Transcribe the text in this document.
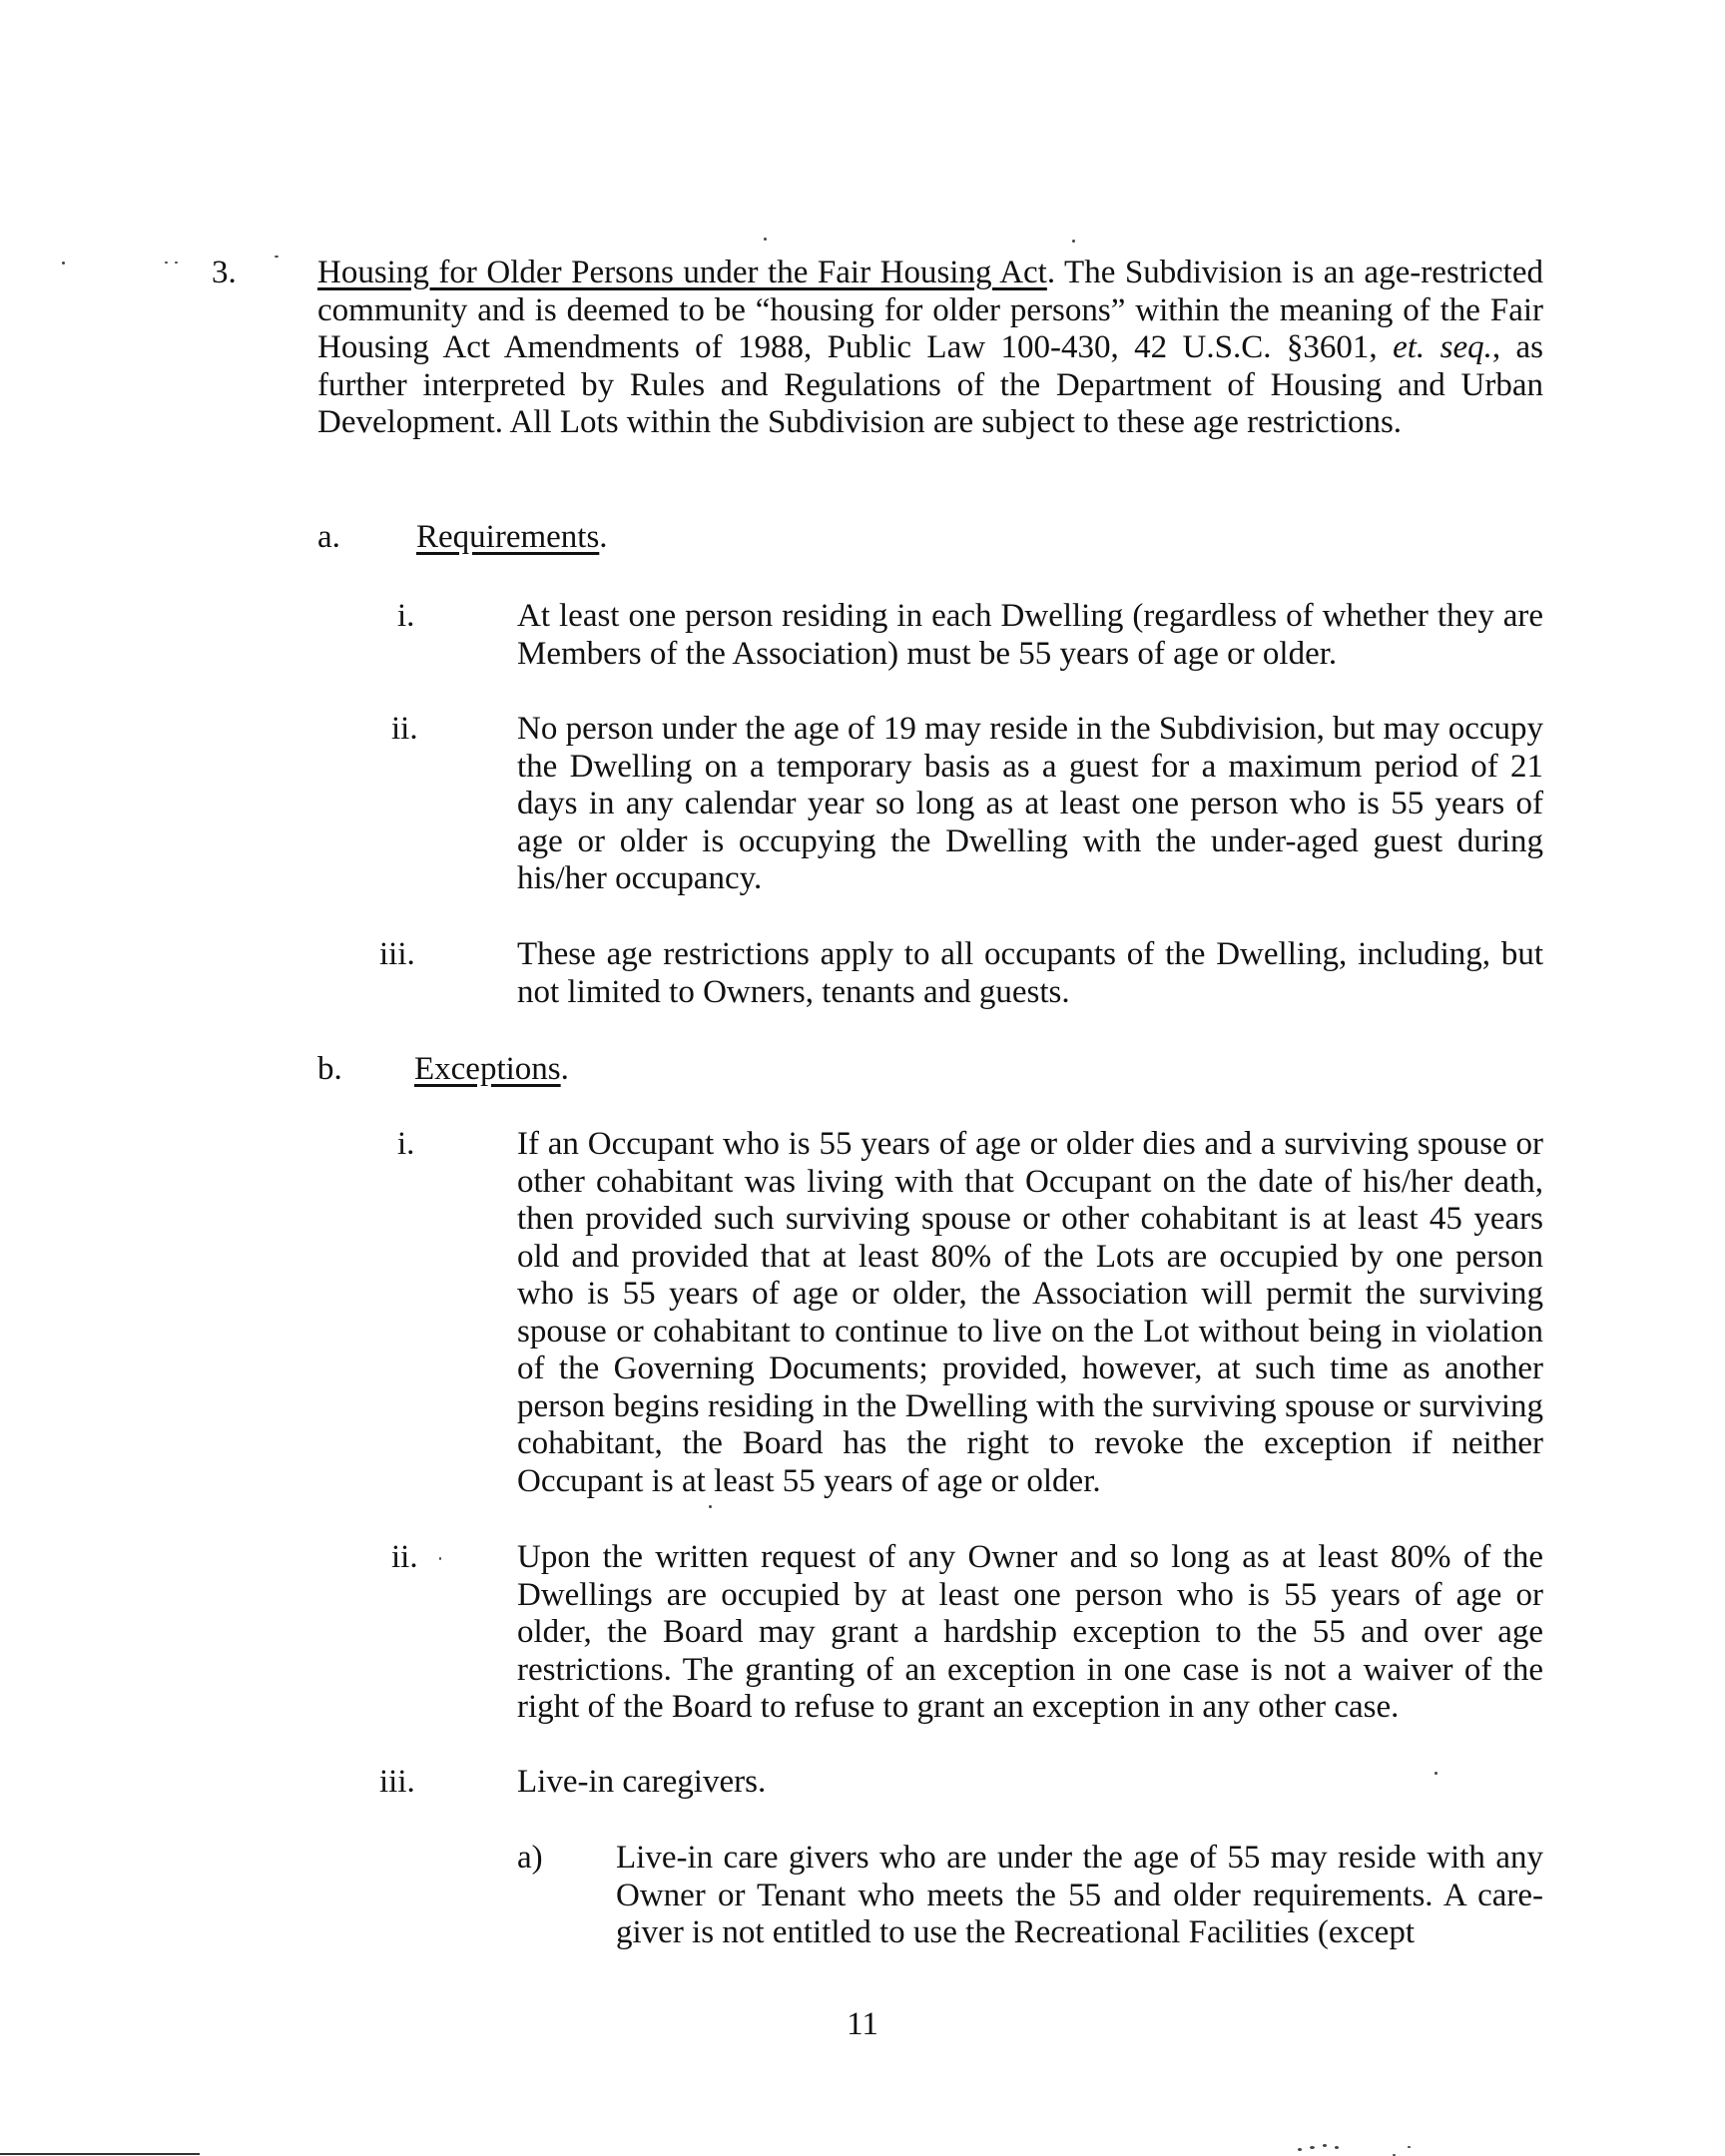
3. Housing for Older Persons under the Fair Housing Act. The Subdivision is an age-restricted community and is deemed to be “housing for older persons” within the meaning of the Fair Housing Act Amendments of 1988, Public Law 100-430, 42 U.S.C. §3601, et. seq., as further interpreted by Rules and Regulations of the Department of Housing and Urban Development. All Lots within the Subdivision are subject to these age restrictions.
a. Requirements.
i.	At least one person residing in each Dwelling (regardless of whether they are Members of the Association) must be 55 years of age or older.
ii.	No person under the age of 19 may reside in the Subdivision, but may occupy the Dwelling on a temporary basis as a guest for a maximum period of 21 days in any calendar year so long as at least one person who is 55 years of age or older is occupying the Dwelling with the under-aged guest during his/her occupancy.
iii.	These age restrictions apply to all occupants of the Dwelling, including, but not limited to Owners, tenants and guests.
b. Exceptions.
i.	If an Occupant who is 55 years of age or older dies and a surviving spouse or other cohabitant was living with that Occupant on the date of his/her death, then provided such surviving spouse or other cohabitant is at least 45 years old and provided that at least 80% of the Lots are occupied by one person who is 55 years of age or older, the Association will permit the surviving spouse or cohabitant to continue to live on the Lot without being in violation of the Governing Documents; provided, however, at such time as another person begins residing in the Dwelling with the surviving spouse or surviving cohabitant, the Board has the right to revoke the exception if neither Occupant is at least 55 years of age or older.
ii.	Upon the written request of any Owner and so long as at least 80% of the Dwellings are occupied by at least one person who is 55 years of age or older, the Board may grant a hardship exception to the 55 and over age restrictions. The granting of an exception in one case is not a waiver of the right of the Board to refuse to grant an exception in any other case.
iii.	Live-in caregivers.
a) Live-in care givers who are under the age of 55 may reside with any Owner or Tenant who meets the 55 and older requirements. A care-giver is not entitled to use the Recreational Facilities (except
11
